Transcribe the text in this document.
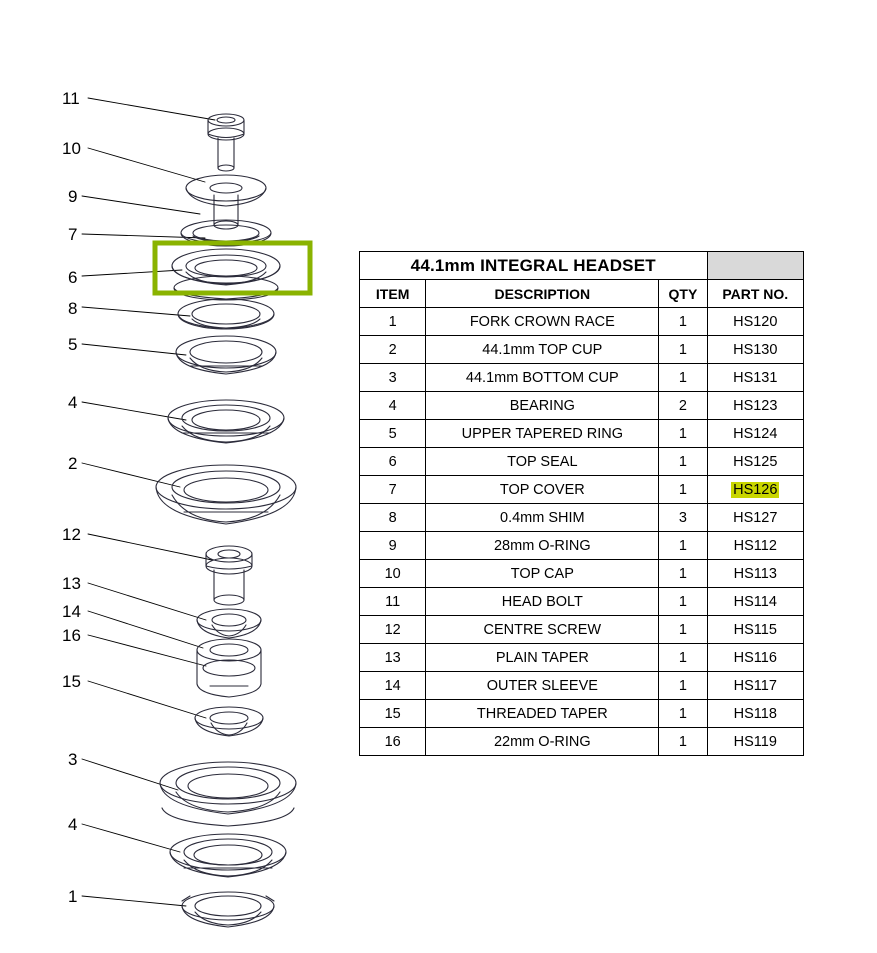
11
10
9
7
6
8
5
4
2
12
13
14
16
15
3
4
1
44.1mm INTEGRAL HEADSET			
ITEM	DESCRIPTION	QTY	PART NO.
1	FORK CROWN RACE	1	HS120
2	44.1mm TOP CUP	1	HS130
3	44.1mm BOTTOM CUP	1	HS131
4	BEARING	2	HS123
5	UPPER TAPERED RING	1	HS124
6	TOP SEAL	1	HS125
7	TOP COVER	1	HS126
8	0.4mm SHIM	3	HS127
9	28mm O-RING	1	HS112
10	TOP CAP	1	HS113
11	HEAD BOLT	1	HS114
12	CENTRE SCREW	1	HS115
13	PLAIN TAPER	1	HS116
14	OUTER SLEEVE	1	HS117
15	THREADED TAPER	1	HS118
16	22mm O-RING	1	HS119
